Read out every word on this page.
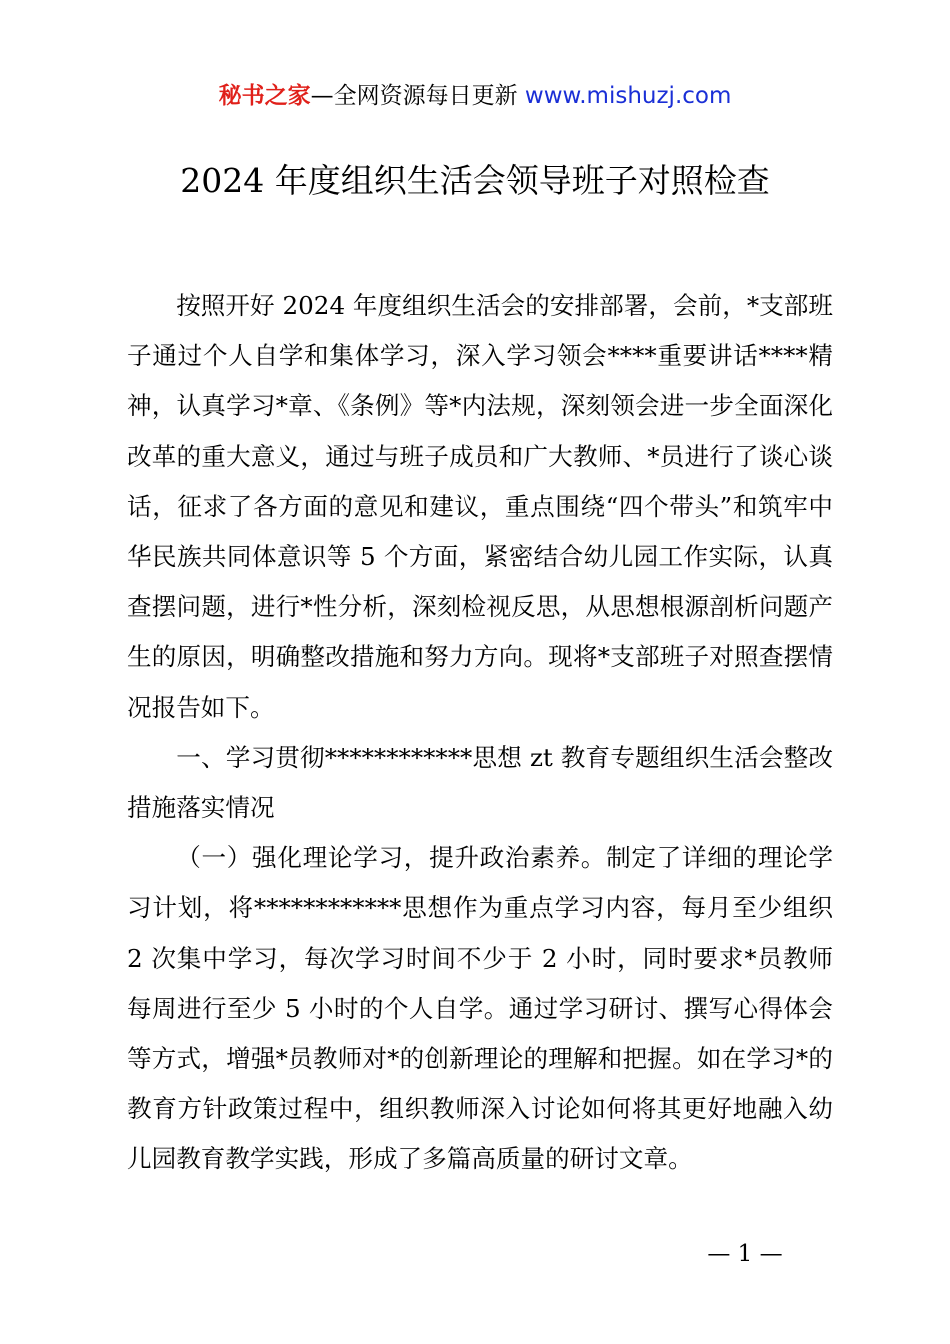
秘书之家—全网资源每日更新 www.mishuzj.com
2024 年度组织生活会领导班子对照检查

按照开好 2024 年度组织生活会的安排部署，会前，*支部班子通过个人自学和集体学习，深入学习领会****重要讲话****精神，认真学习*章、《条例》等*内法规，深刻领会进一步全面深化改革的重大意义，通过与班子成员和广大教师、*员进行了谈心谈话，征求了各方面的意见和建议，重点围绕“四个带头”和筑牢中华民族共同体意识等 5 个方面，紧密结合幼儿园工作实际，认真查摆问题，进行*性分析，深刻检视反思，从思想根源剖析问题产生的原因，明确整改措施和努力方向。现将*支部班子对照查摆情况报告如下。

一、学习贯彻************思想 zt 教育专题组织生活会整改措施落实情况

（一）强化理论学习，提升政治素养。制定了详细的理论学习计划，将************思想作为重点学习内容，每月至少组织 2 次集中学习，每次学习时间不少于 2 小时，同时要求*员教师每周进行至少 5 小时的个人自学。通过学习研讨、撰写心得体会等方式，增强*员教师对*的创新理论的理解和把握。如在学习*的教育方针政策过程中，组织教师深入讨论如何将其更好地融入幼儿园教育教学实践，形成了多篇高质量的研讨文章。

— 1 —
